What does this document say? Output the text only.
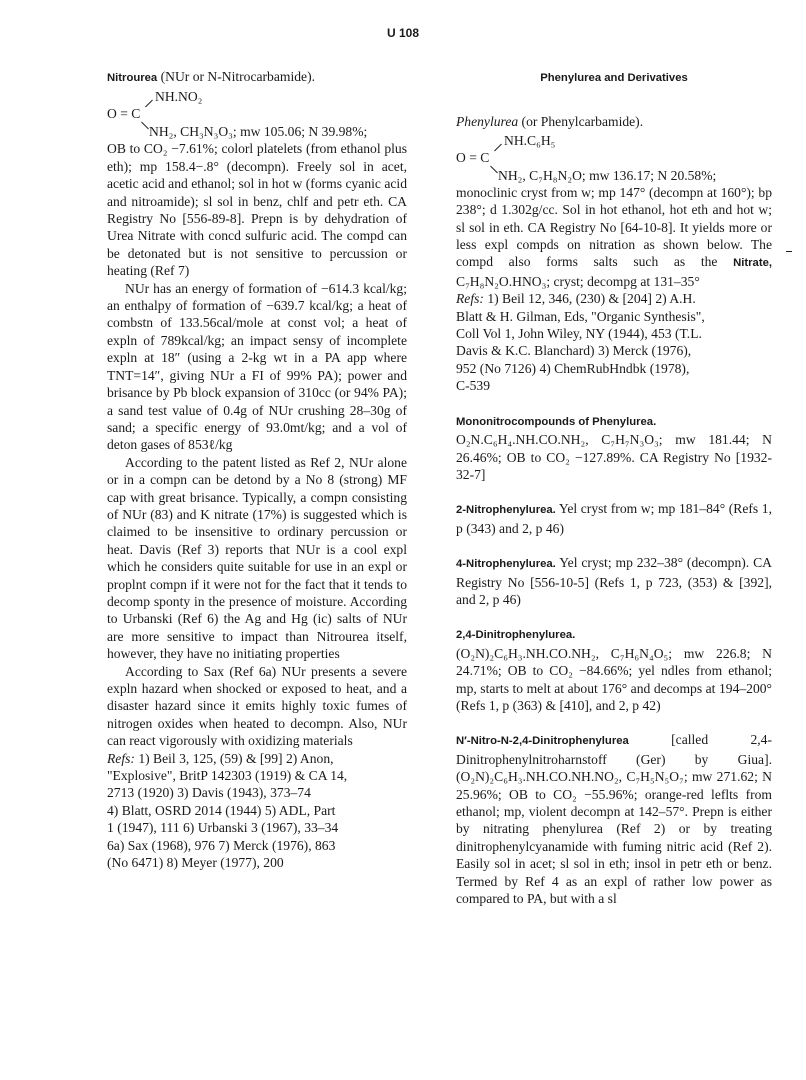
U 108

Nitrourea (NUr or N-Nitrocarbamide).

NH.NO₂
O = C
NH₂, CH₃N₃O₃; mw 105.06; N 39.98%;

OB to CO₂ −7.61%; colorl platelets (from ethanol plus eth); mp 158.4−.8° (decompn). Freely sol in acet, acetic acid and ethanol; sol in hot w (forms cyanic acid and nitroamide); sl sol in benz, chlf and petr eth. CA Registry No [556-89-8]. Prepn is by dehydration of Urea Nitrate with concd sulfuric acid. The compd can be detonated but is not sensitive to percussion or heating (Ref 7)

NUr has an energy of formation of −614.3 kcal/kg; an enthalpy of formation of −639.7 kcal/kg; a heat of combstn of 133.56cal/mole at const vol; a heat of expln of 789kcal/kg; an impact sensy of incomplete expln at 18″ (using a 2-kg wt in a PA app where TNT=14″, giving NUr a FI of 99% PA); power and brisance by Pb block expansion of 310cc (or 94% PA); a sand test value of 0.4g of NUr crushing 28–30g of sand; a specific energy of 93.0mt/kg; and a vol of deton gases of 853ℓ/kg

According to the patent listed as Ref 2, NUr alone or in a compn can be detond by a No 8 (strong) MF cap with great brisance. Typically, a compn consisting of NUr (83) and K nitrate (17%) is suggested which is claimed to be insensitive to ordinary percussion or heat. Davis (Ref 3) reports that NUr is a cool expl which he considers quite suitable for use in an expl or proplnt compn if it were not for the fact that it tends to decomp sponty in the presence of moisture. According to Urbanski (Ref 6) the Ag and Hg (ic) salts of NUr are more sensitive to impact than Nitrourea itself, however, they have no initiating properties

According to Sax (Ref 6a) NUr presents a severe expln hazard when shocked or exposed to heat, and a disaster hazard since it emits highly toxic fumes of nitrogen oxides when heated to decompn. Also, NUr can react vigorously with oxidizing materials

Refs: 1) Beil 3, 125, (59) & [99] 2) Anon,

"Explosive", BritP 142303 (1919) & CA 14,

2713 (1920) 3) Davis (1943), 373–74

4) Blatt, OSRD 2014 (1944) 5) ADL, Part

1 (1947), 111 6) Urbanski 3 (1967), 33–34

6a) Sax (1968), 976 7) Merck (1976), 863

(No 6471) 8) Meyer (1977), 200

Phenylurea and Derivatives

Phenylurea (or Phenylcarbamide).

NH.C₆H₅
O = C
NH₂, C₇H₈N₂O; mw 136.17; N 20.58%;

monoclinic cryst from w; mp 147° (decompn at 160°); bp 238°; d 1.302g/cc. Sol in hot ethanol, hot eth and hot w; sl sol in eth. CA Registry No [64-10-8]. It yields more or less expl compds on nitration as shown below. The compd also forms salts such as the Nitrate, C₇H₈N₂O.HNO₃; cryst; decompg at 131–35°

Refs: 1) Beil 12, 346, (230) & [204] 2) A.H.

Blatt & H. Gilman, Eds, "Organic Synthesis",

Coll Vol 1, John Wiley, NY (1944), 453 (T.L.

Davis & K.C. Blanchard) 3) Merck (1976),

952 (No 7126) 4) ChemRubHndbk (1978),

C-539

Mononitrocompounds of Phenylurea.

O₂N.C₆H₄.NH.CO.NH₂, C₇H₇N₃O₃; mw 181.44; N 26.46%; OB to CO₂ −127.89%. CA Registry No [1932-32-7]

2-Nitrophenylurea. Yel cryst from w; mp 181–84° (Refs 1, p (343) and 2, p 46)

4-Nitrophenylurea. Yel cryst; mp 232–38° (decompn). CA Registry No [556-10-5] (Refs 1, p 723, (353) & [392], and 2, p 46)

2,4-Dinitrophenylurea.

(O₂N)₂C₆H₃.NH.CO.NH₂, C₇H₆N₄O₅; mw 226.8; N 24.71%; OB to CO₂ −84.66%; yel ndles from ethanol; mp, starts to melt at about 176° and decomps at 194–200° (Refs 1, p (363) & [410], and 2, p 42)

N′-Nitro-N-2,4-Dinitrophenylurea [called 2,4-Dinitrophenylnitroharnstoff (Ger) by Giua]. (O₂N)₂C₆H₃.NH.CO.NH.NO₂, C₇H₅N₅O₇; mw 271.62; N 25.96%; OB to CO₂ −55.96%; orange-red leflts from ethanol; mp, violent decompn at 142–57°. Prepn is either by nitrating phenylurea (Ref 2) or by treating dinitrophenylcyanamide with fuming nitric acid (Ref 2). Easily sol in acet; sl sol in eth; insol in petr eth or benz. Termed by Ref 4 as an expl of rather low power as compared to PA, but with a sl
